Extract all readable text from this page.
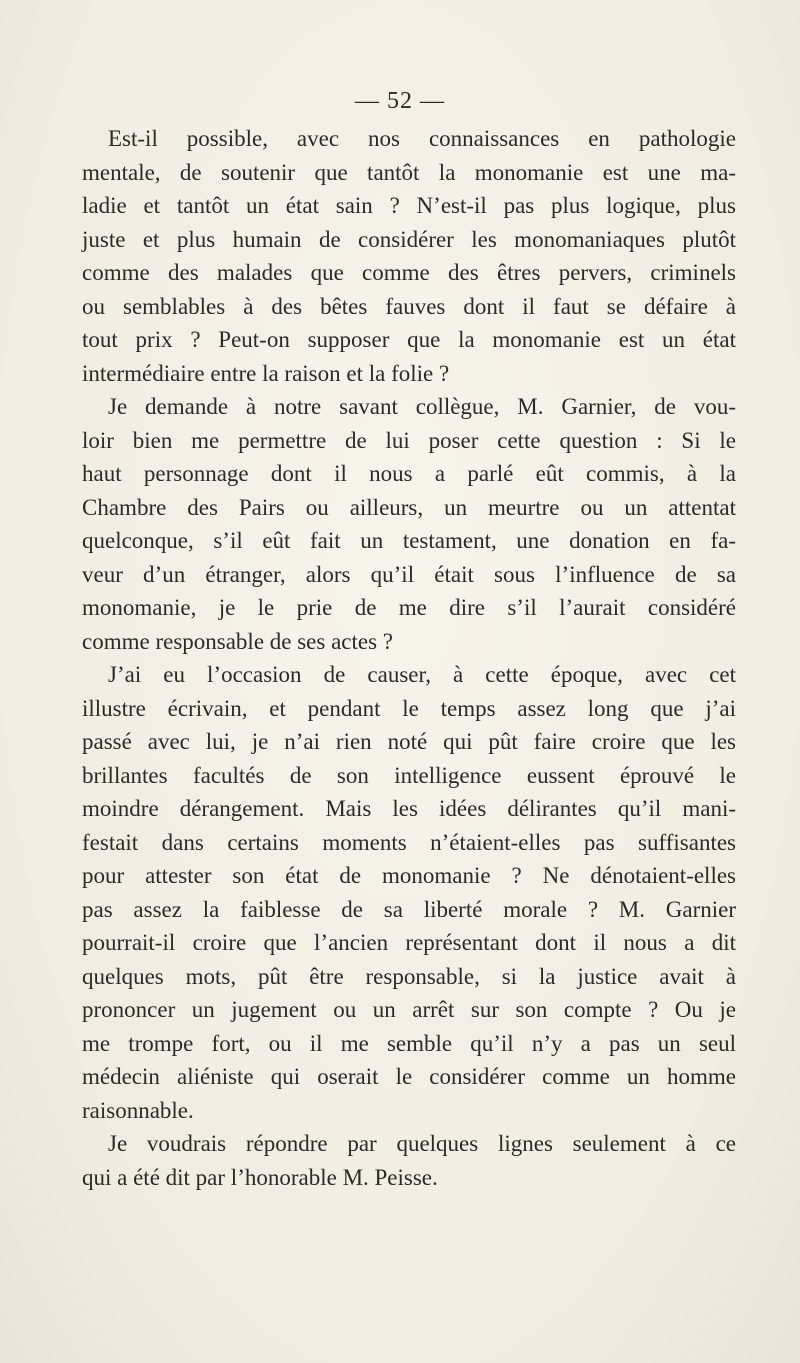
— 52 —
Est-il possible, avec nos connaissances en pathologie
mentale, de soutenir que tantôt la monomanie est une ma-
ladie et tantôt un état sain ? N’est-il pas plus logique, plus
juste et plus humain de considérer les monomaniaques plutôt
comme des malades que comme des êtres pervers, criminels
ou semblables à des bêtes fauves dont il faut se défaire à
tout prix ? Peut-on supposer que la monomanie est un état
intermédiaire entre la raison et la folie ?
Je demande à notre savant collègue, M. Garnier, de vou-
loir bien me permettre de lui poser cette question : Si le
haut personnage dont il nous a parlé eût commis, à la
Chambre des Pairs ou ailleurs, un meurtre ou un attentat
quelconque, s’il eût fait un testament, une donation en fa-
veur d’un étranger, alors qu’il était sous l’influence de sa
monomanie, je le prie de me dire s’il l’aurait considéré
comme responsable de ses actes ?
J’ai eu l’occasion de causer, à cette époque, avec cet
illustre écrivain, et pendant le temps assez long que j’ai
passé avec lui, je n’ai rien noté qui pût faire croire que les
brillantes facultés de son intelligence eussent éprouvé le
moindre dérangement. Mais les idées délirantes qu’il mani-
festait dans certains moments n’étaient-elles pas suffisantes
pour attester son état de monomanie ? Ne dénotaient-elles
pas assez la faiblesse de sa liberté morale ? M. Garnier
pourrait-il croire que l’ancien représentant dont il nous a dit
quelques mots, pût être responsable, si la justice avait à
prononcer un jugement ou un arrêt sur son compte ? Ou je
me trompe fort, ou il me semble qu’il n’y a pas un seul
médecin aliéniste qui oserait le considérer comme un homme
raisonnable.
Je voudrais répondre par quelques lignes seulement à ce
qui a été dit par l’honorable M. Peisse.
